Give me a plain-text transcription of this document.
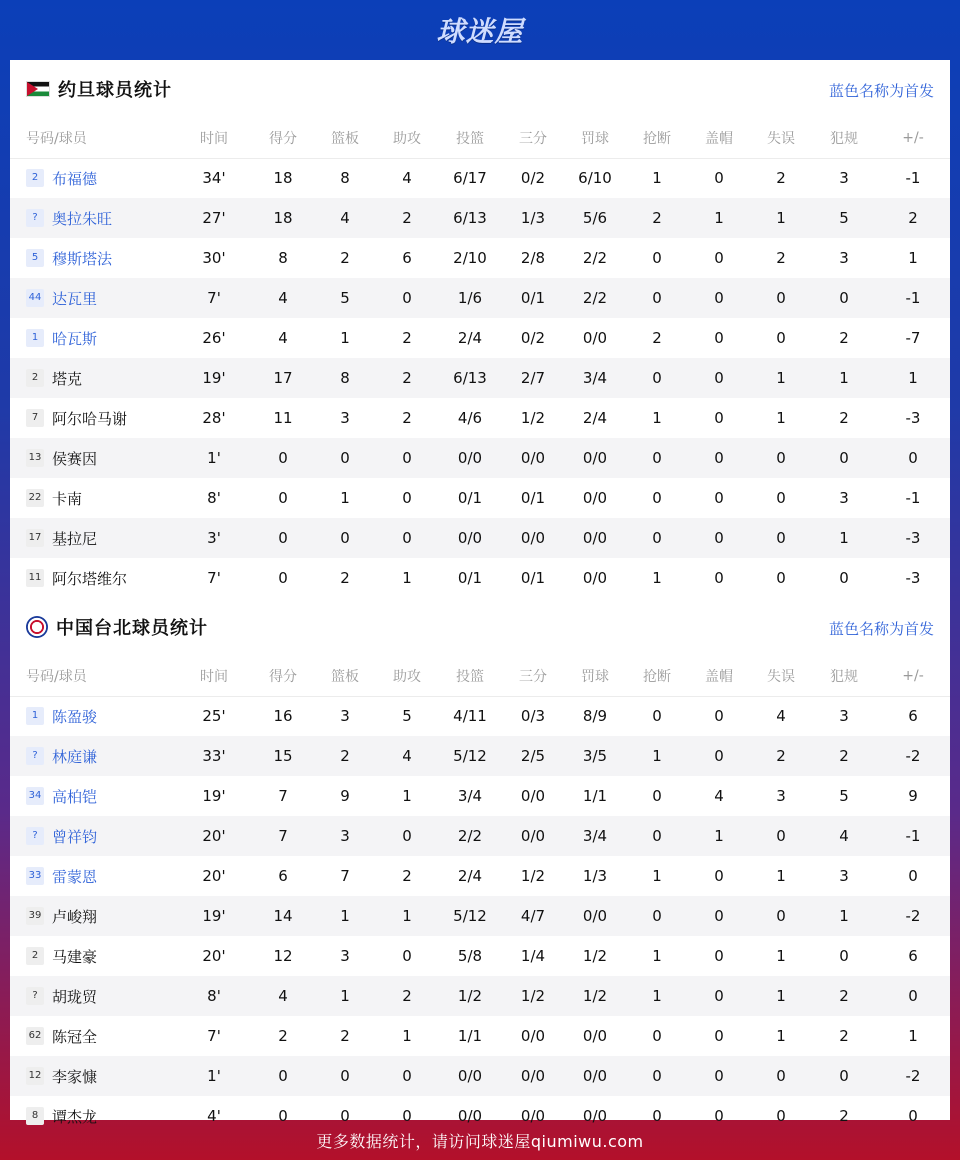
球迷屋
约旦球员统计	蓝色名称为首发
号码/球员	时间	得分	篮板	助攻	投篮	三分	罚球	抢断	盖帽	失误	犯规	+/-
2 布福德	34'	18	8	4	6/17	0/2	6/10	1	0	2	3	-1
? 奥拉朱旺	27'	18	4	2	6/13	1/3	5/6	2	1	1	5	2
5 穆斯塔法	30'	8	2	6	2/10	2/8	2/2	0	0	2	3	1
44 达瓦里	7'	4	5	0	1/6	0/1	2/2	0	0	0	0	-1
1 哈瓦斯	26'	4	1	2	2/4	0/2	0/0	2	0	0	2	-7
2 塔克	19'	17	8	2	6/13	2/7	3/4	0	0	1	1	1
7 阿尔哈马谢	28'	11	3	2	4/6	1/2	2/4	1	0	1	2	-3
13 侯赛因	1'	0	0	0	0/0	0/0	0/0	0	0	0	0	0
22 卡南	8'	0	1	0	0/1	0/1	0/0	0	0	0	3	-1
17 基拉尼	3'	0	0	0	0/0	0/0	0/0	0	0	0	1	-3
11 阿尔塔维尔	7'	0	2	1	0/1	0/1	0/0	1	0	0	0	-3
中国台北球员统计	蓝色名称为首发
号码/球员	时间	得分	篮板	助攻	投篮	三分	罚球	抢断	盖帽	失误	犯规	+/-
1 陈盈骏	25'	16	3	5	4/11	0/3	8/9	0	0	4	3	6
? 林庭谦	33'	15	2	4	5/12	2/5	3/5	1	0	2	2	-2
34 高柏铠	19'	7	9	1	3/4	0/0	1/1	0	4	3	5	9
? 曾祥钧	20'	7	3	0	2/2	0/0	3/4	0	1	0	4	-1
33 雷蒙恩	20'	6	7	2	2/4	1/2	1/3	1	0	1	3	0
39 卢峻翔	19'	14	1	1	5/12	4/7	0/0	0	0	0	1	-2
2 马建豪	20'	12	3	0	5/8	1/4	1/2	1	0	1	0	6
? 胡珑贸	8'	4	1	2	1/2	1/2	1/2	1	0	1	2	0
62 陈冠全	7'	2	2	1	1/1	0/0	0/0	0	0	1	2	1
12 李家慷	1'	0	0	0	0/0	0/0	0/0	0	0	0	0	-2
8 谭杰龙	4'	0	0	0	0/0	0/0	0/0	0	0	0	2	0
更多数据统计，请访问球迷屋qiumiwu.com
